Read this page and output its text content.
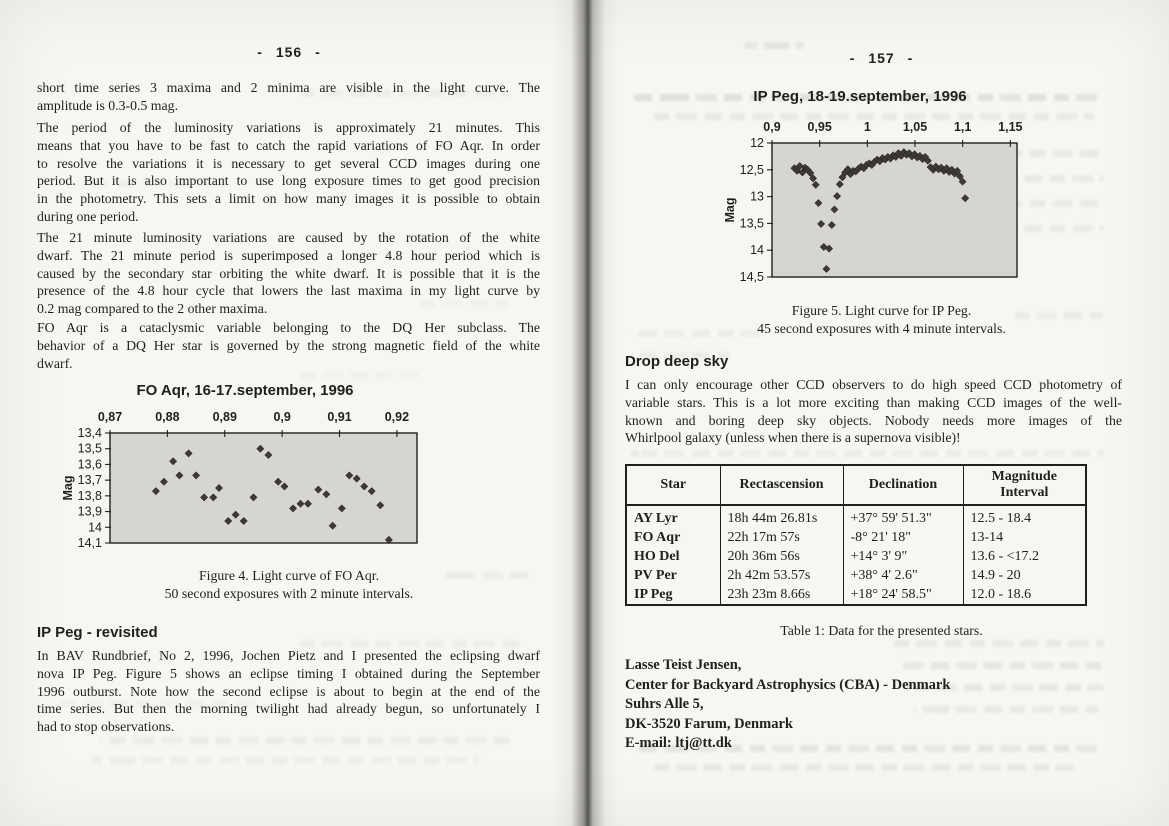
- 156 -
short time series 3 maxima and 2 minima are visible in the light curve. The
amplitude is 0.3-0.5 mag.
The period of the luminosity variations is approximately 21 minutes. This
means that you have to be fast to catch the rapid variations of FO Aqr. In order
to resolve the variations it is necessary to get several CCD images during one
period. But it is also important to use long exposure times to get good precision
in the photometry. This sets a limit on how many images it is possible to obtain
during one period.
The 21 minute luminosity variations are caused by the rotation of the white
dwarf. The 21 minute period is superimposed a longer 4.8 hour period which is
caused by the secondary star orbiting the white dwarf. It is possible that it is the
presence of the 4.8 hour cycle that lowers the last maxima in my light curve by
0.2 mag compared to the 2 other maxima.
FO Aqr is a cataclysmic variable belonging to the DQ Her subclass. The
behavior of a DQ Her star is governed by the strong magnetic field of the white
dwarf.
FO Aqr, 16-17.september, 1996
0,87	0,88	0,89	0,9	0,91	0,92
13,4
13,5
13,6
13,7
13,8
13,9
14
14,1
Mag
Figure 4. Light curve of FO Aqr.
50 second exposures with 2 minute intervals.
IP Peg - revisited
In BAV Rundbrief, No 2, 1996, Jochen Pietz and I presented the eclipsing dwarf
nova IP Peg. Figure 5 shows an eclipse timing I obtained during the September
1996 outburst. Note how the second eclipse is about to begin at the end of the
time series. But then the morning twilight had already begun, so unfortunately I
had to stop observations.
- 157 -
IP Peg, 18-19.september, 1996
0,9 0,95	1	1,05 1,1 1,15
12
12,5
13
13,5
14
14,5
Mag
Figure 5. Light curve for IP Peg.
45 second exposures with 4 minute intervals.
Drop deep sky
I can only encourage other CCD observers to do high speed CCD photometry of
variable stars. This is a lot more exciting than making CCD images of the well-
known and boring deep sky objects. Nobody needs more images of the
Whirlpool galaxy (unless when there is a supernova visible)!
Star	Rectascension	Declination	Magnitude Interval
AY Lyr	18h 44m 26.81s	+37° 59' 51.3"	12.5 - 18.4
FO Aqr	22h 17m 57s	-8° 21' 18"	13-14
HO Del	20h 36m 56s	+14° 3' 9"	13.6 - <17.2
PV Per	2h 42m 53.57s	+38° 4' 2.6"	14.9 - 20
IP Peg	23h 23m 8.66s	+18° 24' 58.5"	12.0 - 18.6
Table 1: Data for the presented stars.
Lasse Teist Jensen,
Center for Backyard Astrophysics (CBA) - Denmark
Suhrs Alle 5,
DK-3520 Farum, Denmark
E-mail: ltj@tt.dk
